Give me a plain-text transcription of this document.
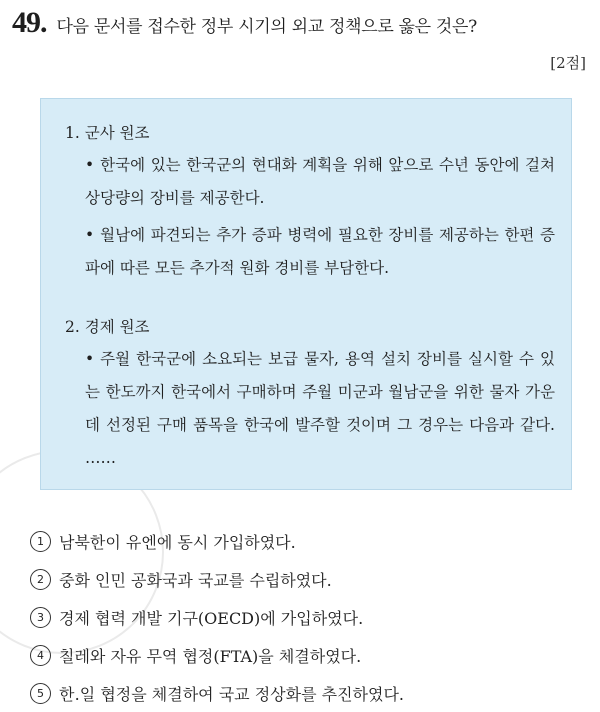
49. 다음 문서를 접수한 정부 시기의 외교 정책으로 옳은 것은?
[2점]
1. 군사 원조
• 한국에 있는 한국군의 현대화 계획을 위해 앞으로 수년 동안에 걸쳐 상당량의 장비를 제공한다.
• 월남에 파견되는 추가 증파 병력에 필요한 장비를 제공하는 한편 증파에 따른 모든 추가적 원화 경비를 부담한다.
2. 경제 원조
• 주월 한국군에 소요되는 보급 물자, 용역 설치 장비를 실시할 수 있는 한도까지 한국에서 구매하며 주월 미군과 월남군을 위한 물자 가운데 선정된 구매 품목을 한국에 발주할 것이며 그 경우는 다음과 같다. ……
1 남북한이 유엔에 동시 가입하였다.
2 중화 인민 공화국과 국교를 수립하였다.
3 경제 협력 개발 기구(OECD)에 가입하였다.
4 칠레와 자유 무역 협정(FTA)을 체결하였다.
5 한․일 협정을 체결하여 국교 정상화를 추진하였다.
